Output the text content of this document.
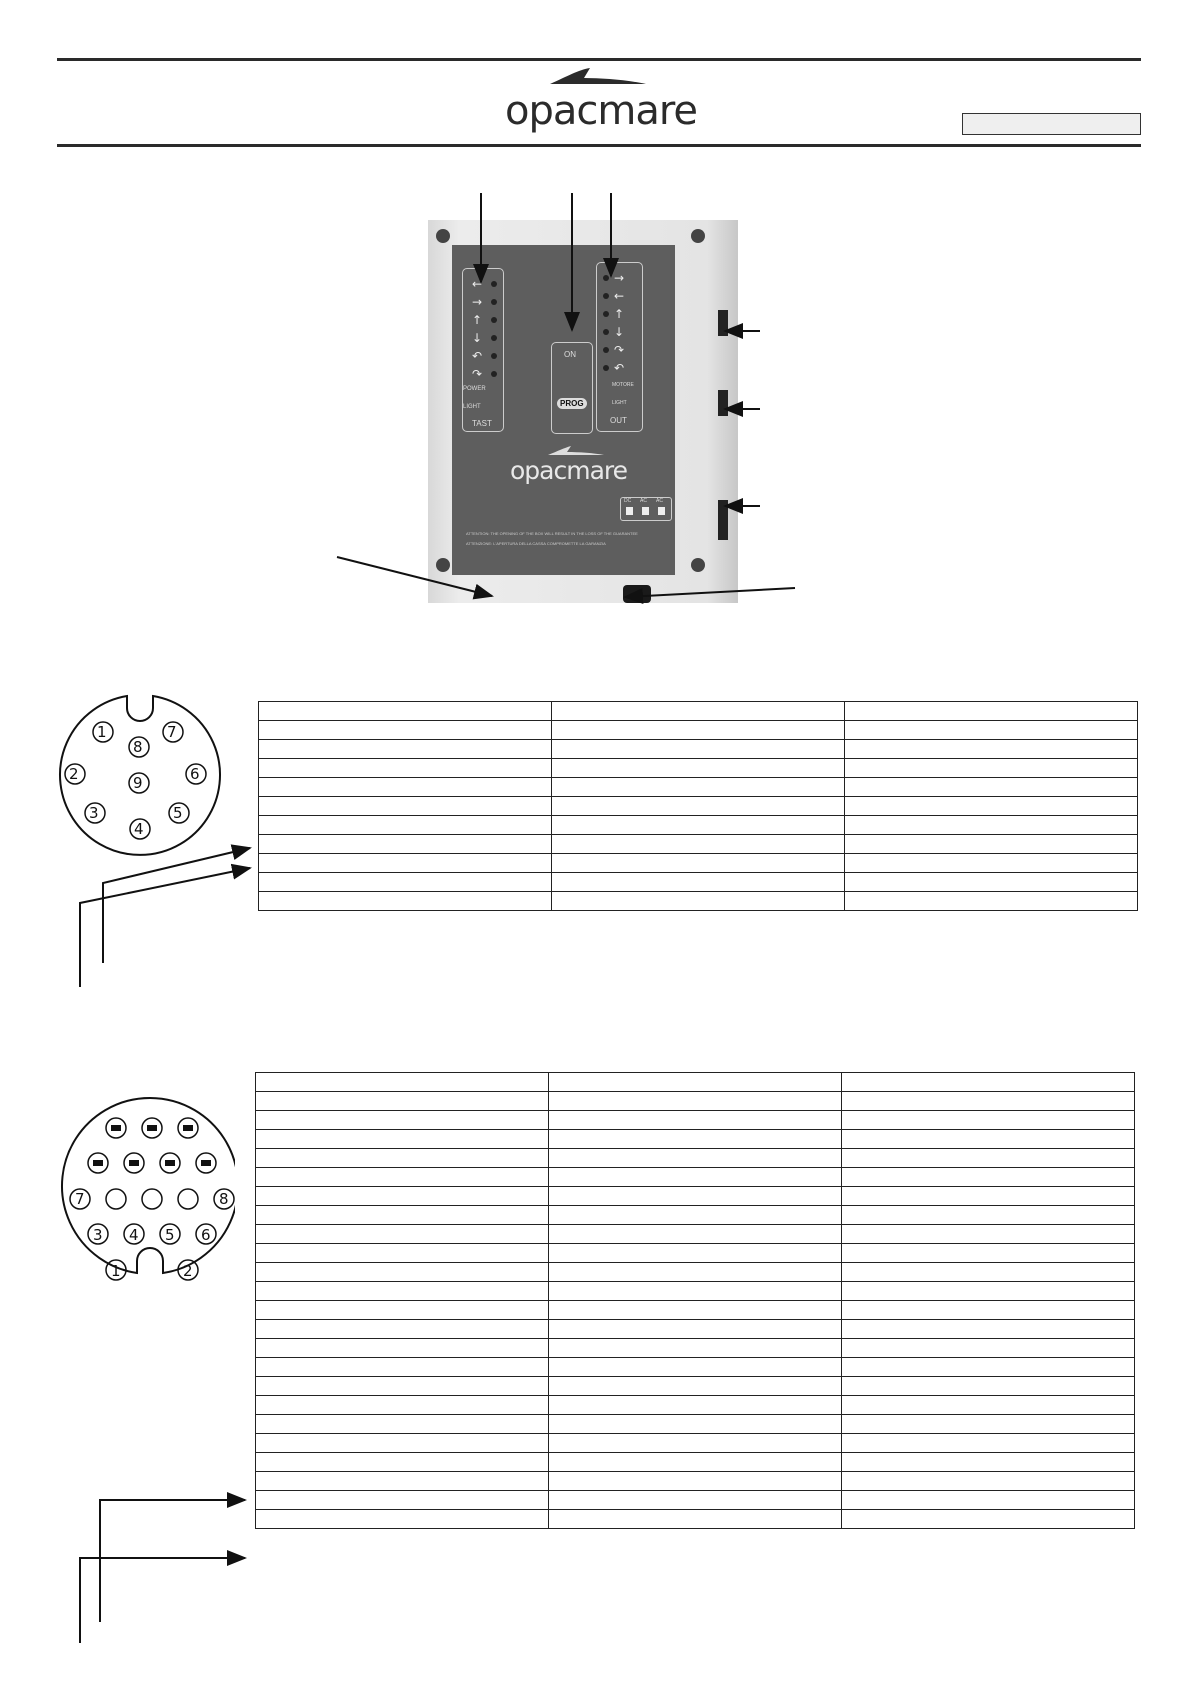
opacmare
←
→
↑
↓
↶
↷
POWER
LIGHT
TAST
ON
PROG
→
←
↑
↓
↷
↶
MOTORE
LIGHT
OUT
opacmare
DC AC AC
ATTENTION: THE OPENING OF THE BOX WILL RESULT IN THE LOSS OF THE GUARANTEE
ATTENZIONE: L'APERTURA DELLA CASSA COMPROMETTE LA GARANZIA
1
2
3
4
5
6
7
8
9

1	2
3 4 5 6
7	8
